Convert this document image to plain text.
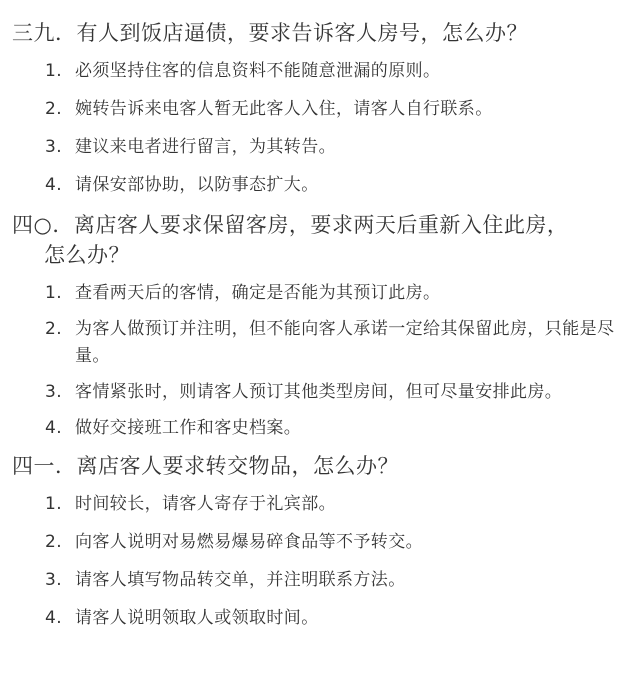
三九．有人到饭店逼债，要求告诉客人房号，怎么办？
1. 必须坚持住客的信息资料不能随意泄漏的原则。
2. 婉转告诉来电客人暂无此客人入住，请客人自行联系。
3. 建议来电者进行留言，为其转告。
4. 请保安部协助，以防事态扩大。
四○．离店客人要求保留客房，要求两天后重新入住此房，
怎么办？
1. 查看两天后的客情，确定是否能为其预订此房。
2. 为客人做预订并注明，但不能向客人承诺一定给其保留此房，只能是尽量。
3. 客情紧张时，则请客人预订其他类型房间，但可尽量安排此房。
4. 做好交接班工作和客史档案。
四一．离店客人要求转交物品，怎么办？
1. 时间较长，请客人寄存于礼宾部。
2. 向客人说明对易燃易爆易碎食品等不予转交。
3. 请客人填写物品转交单，并注明联系方法。
4. 请客人说明领取人或领取时间。
